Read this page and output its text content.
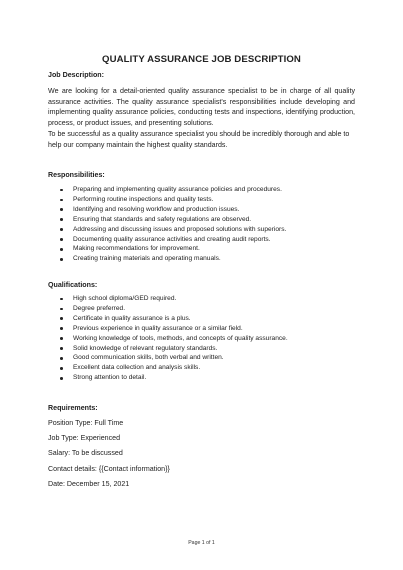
QUALITY ASSURANCE JOB DESCRIPTION
Job Description:

We are looking for a detail-oriented quality assurance specialist to be in charge of all quality assurance activities. The quality assurance specialist's responsibilities include developing and implementing quality assurance policies, conducting tests and inspections, identifying production, process, or product issues, and presenting solutions.

To be successful as a quality assurance specialist you should be incredibly thorough and able to help our company maintain the highest quality standards.

Responsibilities:
Preparing and implementing quality assurance policies and procedures.
Performing routine inspections and quality tests.
Identifying and resolving workflow and production issues.
Ensuring that standards and safety regulations are observed.
Addressing and discussing issues and proposed solutions with superiors.
Documenting quality assurance activities and creating audit reports.
Making recommendations for improvement.
Creating training materials and operating manuals.
Qualifications:
High school diploma/GED required.
Degree preferred.
Certificate in quality assurance is a plus.
Previous experience in quality assurance or a similar field.
Working knowledge of tools, methods, and concepts of quality assurance.
Solid knowledge of relevant regulatory standards.
Good communication skills, both verbal and written.
Excellent data collection and analysis skills.
Strong attention to detail.
Requirements:
Position Type: Full Time
Job Type: Experienced
Salary: To be discussed
Contact details: {{Contact information}}
Date: December 15, 2021
Page 1 of 1
